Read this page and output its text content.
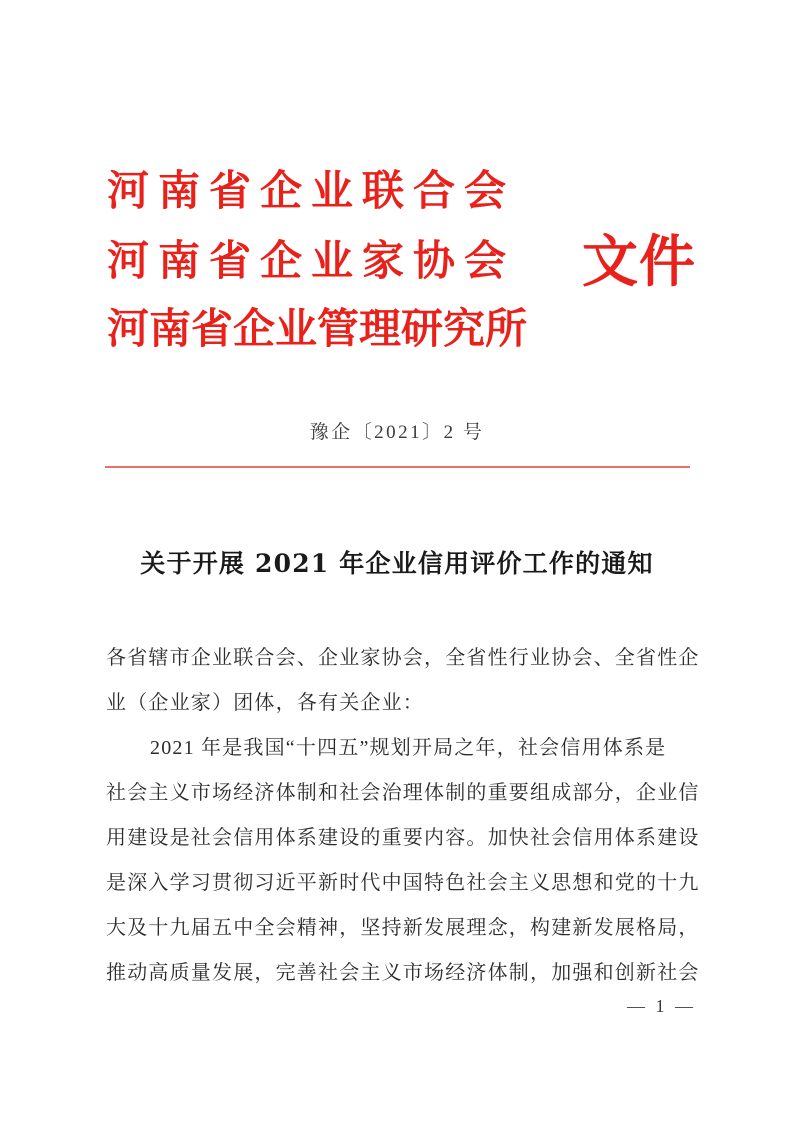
河南省企业联合会
河南省企业家协会
河南省企业管理研究所
文件
豫企〔2021〕2 号
关于开展 2021 年企业信用评价工作的通知
各省辖市企业联合会、企业家协会，全省性行业协会、全省性企
业（企业家）团体，各有关企业：
2021 年是我国“十四五”规划开局之年，社会信用体系是
社会主义市场经济体制和社会治理体制的重要组成部分，企业信
用建设是社会信用体系建设的重要内容。加快社会信用体系建设
是深入学习贯彻习近平新时代中国特色社会主义思想和党的十九
大及十九届五中全会精神，坚持新发展理念，构建新发展格局，
推动高质量发展，完善社会主义市场经济体制，加强和创新社会
— 1 —
